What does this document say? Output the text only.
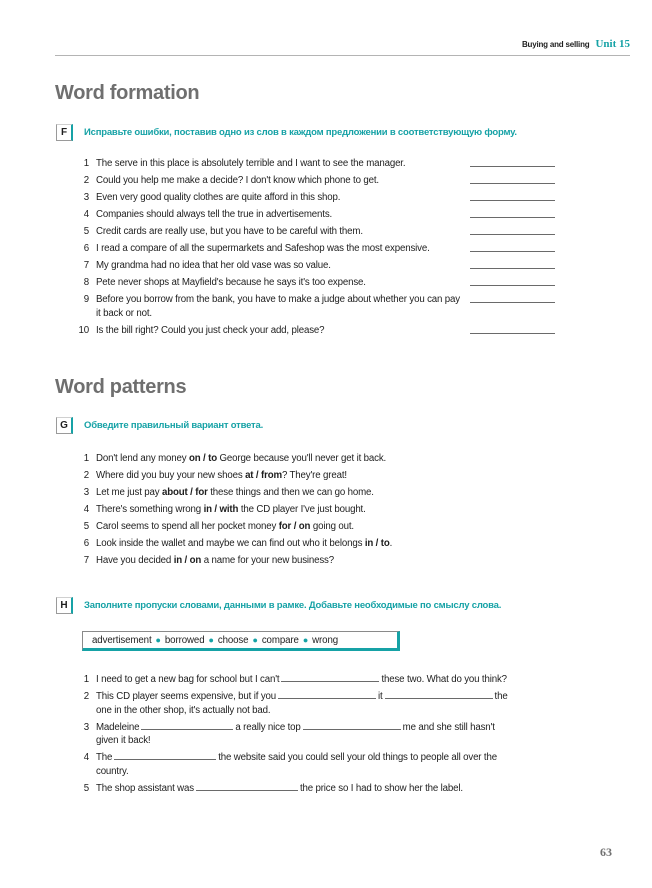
Buying and selling Unit 15
Word formation
F	Исправьте ошибки, поставив одно из слов в каждом предложении в соответствующую форму.
1 The serve in this place is absolutely terrible and I want to see the manager.
2 Could you help me make a decide? I don't know which phone to get.
3 Even very good quality clothes are quite afford in this shop.
4 Companies should always tell the true in advertisements.
5 Credit cards are really use, but you have to be careful with them.
6 I read a compare of all the supermarkets and Safeshop was the most expensive.
7 My grandma had no idea that her old vase was so value.
8 Pete never shops at Mayfield's because he says it's too expense.
9 Before you borrow from the bank, you have to make a judge about whether you can pay it back or not.
10 Is the bill right? Could you just check your add, please?
Word patterns
G	Обведите правильный вариант ответа.
1 Don't lend any money on / to George because you'll never get it back.
2 Where did you buy your new shoes at / from? They're great!
3 Let me just pay about / for these things and then we can go home.
4 There's something wrong in / with the CD player I've just bought.
5 Carol seems to spend all her pocket money for / on going out.
6 Look inside the wallet and maybe we can find out who it belongs in / to.
7 Have you decided in / on a name for your new business?
H	Заполните пропуски словами, данными в рамке. Добавьте необходимые по смыслу слова.
advertisement ● borrowed ● choose ● compare ● wrong
1 I need to get a new bag for school but I can't	these two. What do you think?
2 This CD player seems expensive, but if you	it	the one in the other shop, it's actually not bad.
3 Madeleine	a really nice top	me and she still hasn't given it back!
4 The	the website said you could sell your old things to people all over the country.
5 The shop assistant was	the price so I had to show her the label.
63
